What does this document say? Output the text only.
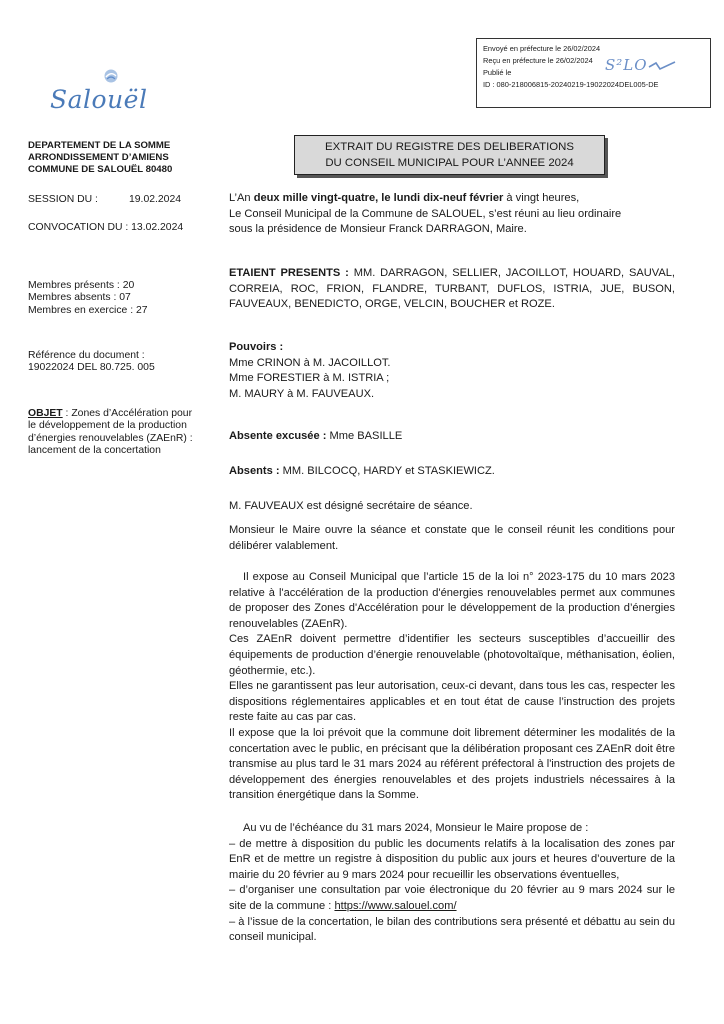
Envoyé en préfecture le 26/02/2024
Reçu en préfecture le 26/02/2024
Publié le
ID : 080-218006815-20240219-19022024DEL005-DE
S²LO
Salouël
DEPARTEMENT DE LA SOMME
ARRONDISSEMENT D’AMIENS
COMMUNE DE SALOUËL 80480
SESSION DU :	19.02.2024
CONVOCATION DU : 13.02.2024
Membres présents : 20
Membres absents : 07
Membres en exercice : 27
Référence du document :
19022024 DEL 80.725. 005
OBJET : Zones d’Accélération pour
le développement de la production
d’énergies renouvelables (ZAEnR) :
lancement de la concertation
EXTRAIT DU REGISTRE DES DELIBERATIONS
DU CONSEIL MUNICIPAL POUR L’ANNEE 2024
L’An deux mille vingt-quatre, le lundi dix-neuf février à vingt heures,
Le Conseil Municipal de la Commune de SALOUEL, s’est réuni au lieu ordinaire
sous la présidence de Monsieur Franck DARRAGON, Maire.
ETAIENT PRESENTS : MM. DARRAGON, SELLIER, JACOILLOT, HOUARD, SAUVAL, CORREIA, ROC, FRION, FLANDRE, TURBANT, DUFLOS, ISTRIA, JUE, BUSON, FAUVEAUX, BENEDICTO, ORGE, VELCIN, BOUCHER et ROZE.
Pouvoirs :
Mme CRINON à M. JACOILLOT.
Mme FORESTIER à M. ISTRIA ;
M. MAURY à M. FAUVEAUX.
Absente excusée : Mme BASILLE
Absents : MM. BILCOCQ, HARDY et STASKIEWICZ.
M. FAUVEAUX est désigné secrétaire de séance.
Monsieur le Maire ouvre la séance et constate que le conseil réunit les conditions pour délibérer valablement.
Il expose au Conseil Municipal que l’article 15 de la loi n° 2023-175 du 10 mars 2023 relative à l'accélération de la production d'énergies renouvelables permet aux communes de proposer des Zones d'Accélération pour le développement de la production d’énergies renouvelables (ZAEnR).
Ces ZAEnR doivent permettre d’identifier les secteurs susceptibles d’accueillir des équipements de production d’énergie renouvelable (photovoltaïque, méthanisation, éolien, géothermie, etc.).
Elles ne garantissent pas leur autorisation, ceux-ci devant, dans tous les cas, respecter les dispositions réglementaires applicables et en tout état de cause l’instruction des projets reste faite au cas par cas.
Il expose que la loi prévoit que la commune doit librement déterminer les modalités de la concertation avec le public, en précisant que la délibération proposant ces ZAEnR doit être transmise au plus tard le 31 mars 2024 au référent préfectoral à l'instruction des projets de développement des énergies renouvelables et des projets industriels nécessaires à la transition énergétique dans la Somme.
Au vu de l’échéance du 31 mars 2024, Monsieur le Maire propose de :
– de mettre à disposition du public les documents relatifs à la localisation des zones par EnR et de mettre un registre à disposition du public aux jours et heures d’ouverture de la mairie du 20 février au 9 mars 2024 pour recueillir les observations éventuelles,
– d’organiser une consultation par voie électronique du 20 février au 9 mars 2024 sur le site de la commune : https://www.salouel.com/
– à l’issue de la concertation, le bilan des contributions sera présenté et débattu au sein du conseil municipal.
